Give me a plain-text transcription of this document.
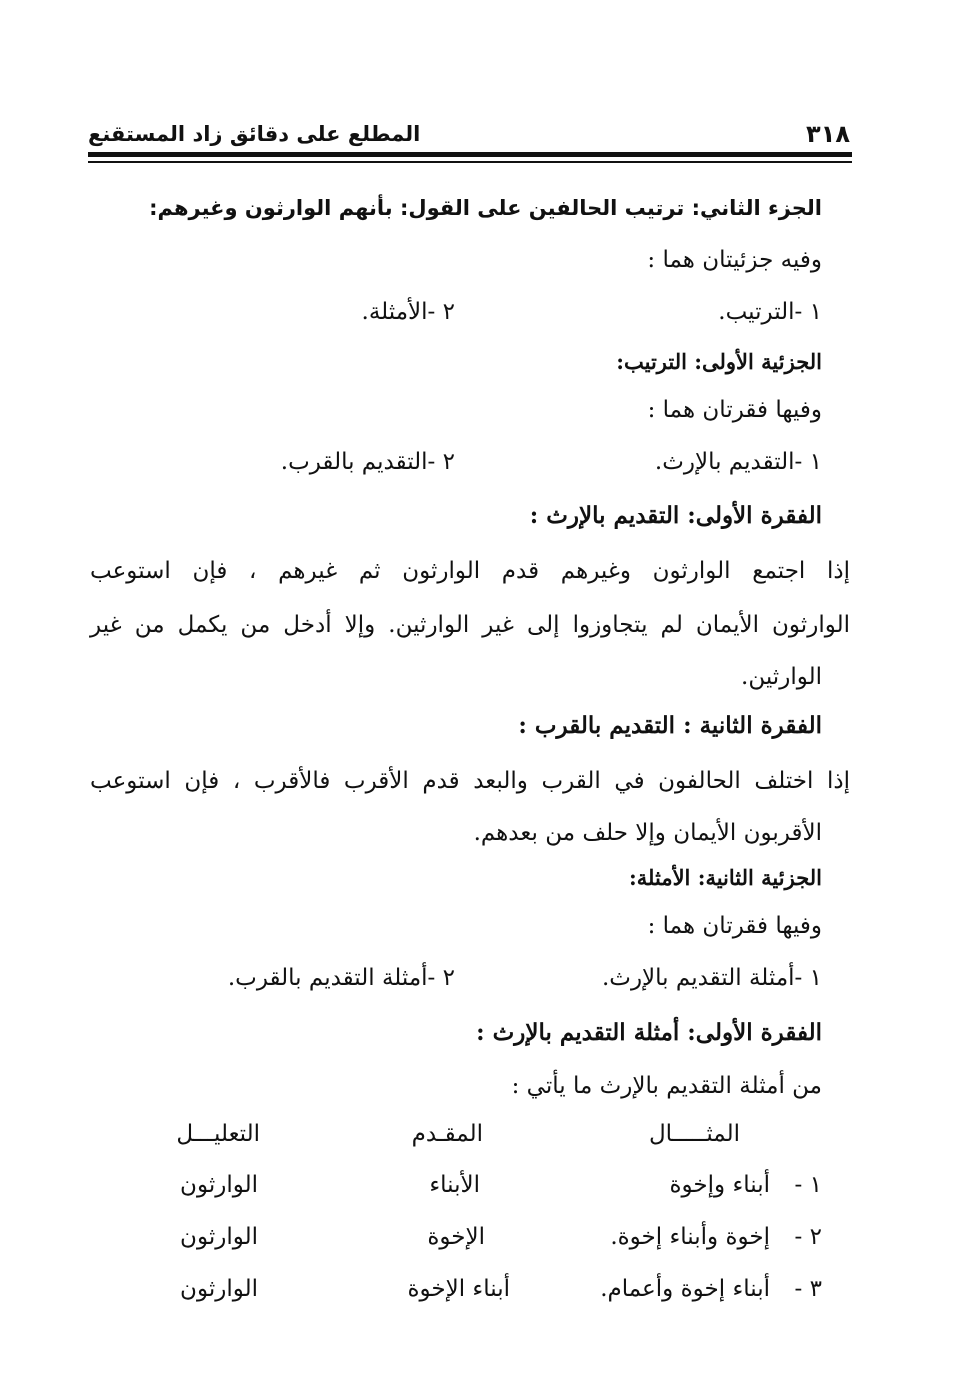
٣١٨
المطلع على دقائق زاد المستقنع
الجزء الثاني: ترتيب الحالفين على القول: بأنهم الوارثون وغيرهم:
وفيه جزئيتان هما :
١ -الترتيب.
٢ -الأمثلة.
الجزئية الأولى: الترتيب:
وفيها فقرتان هما :
١ -التقديم بالإرث.
٢ -التقديم بالقرب.
الفقرة الأولى: التقديم بالإرث :
إذا اجتمع الوارثون وغيرهم قدم الوارثون ثم غيرهم ، فإن استوعب
الوارثون الأيمان لم يتجاوزوا إلى غير الوارثين. وإلا أدخل من يكمل من غير
الوارثين.
الفقرة الثانية : التقديم بالقرب :
إذا اختلف الحالفون في القرب والبعد قدم الأقرب فالأقرب ، فإن استوعب
الأقربون الأيمان وإلا حلف من بعدهم.
الجزئية الثانية: الأمثلة:
وفيها فقرتان هما :
١ -أمثلة التقديم بالإرث.
٢ -أمثلة التقديم بالقرب.
الفقرة الأولى: أمثلة التقديم بالإرث :
من أمثلة التقديم بالإرث ما يأتي :
المثـــــال
المقـدم
التعليـــل
١ -
أبناء وإخوة
الأبناء
الوارثون
٢ -
إخوة وأبناء إخوة.
الإخوة
الوارثون
٣ -
أبناء إخوة وأعمام.
أبناء الإخوة
الوارثون
